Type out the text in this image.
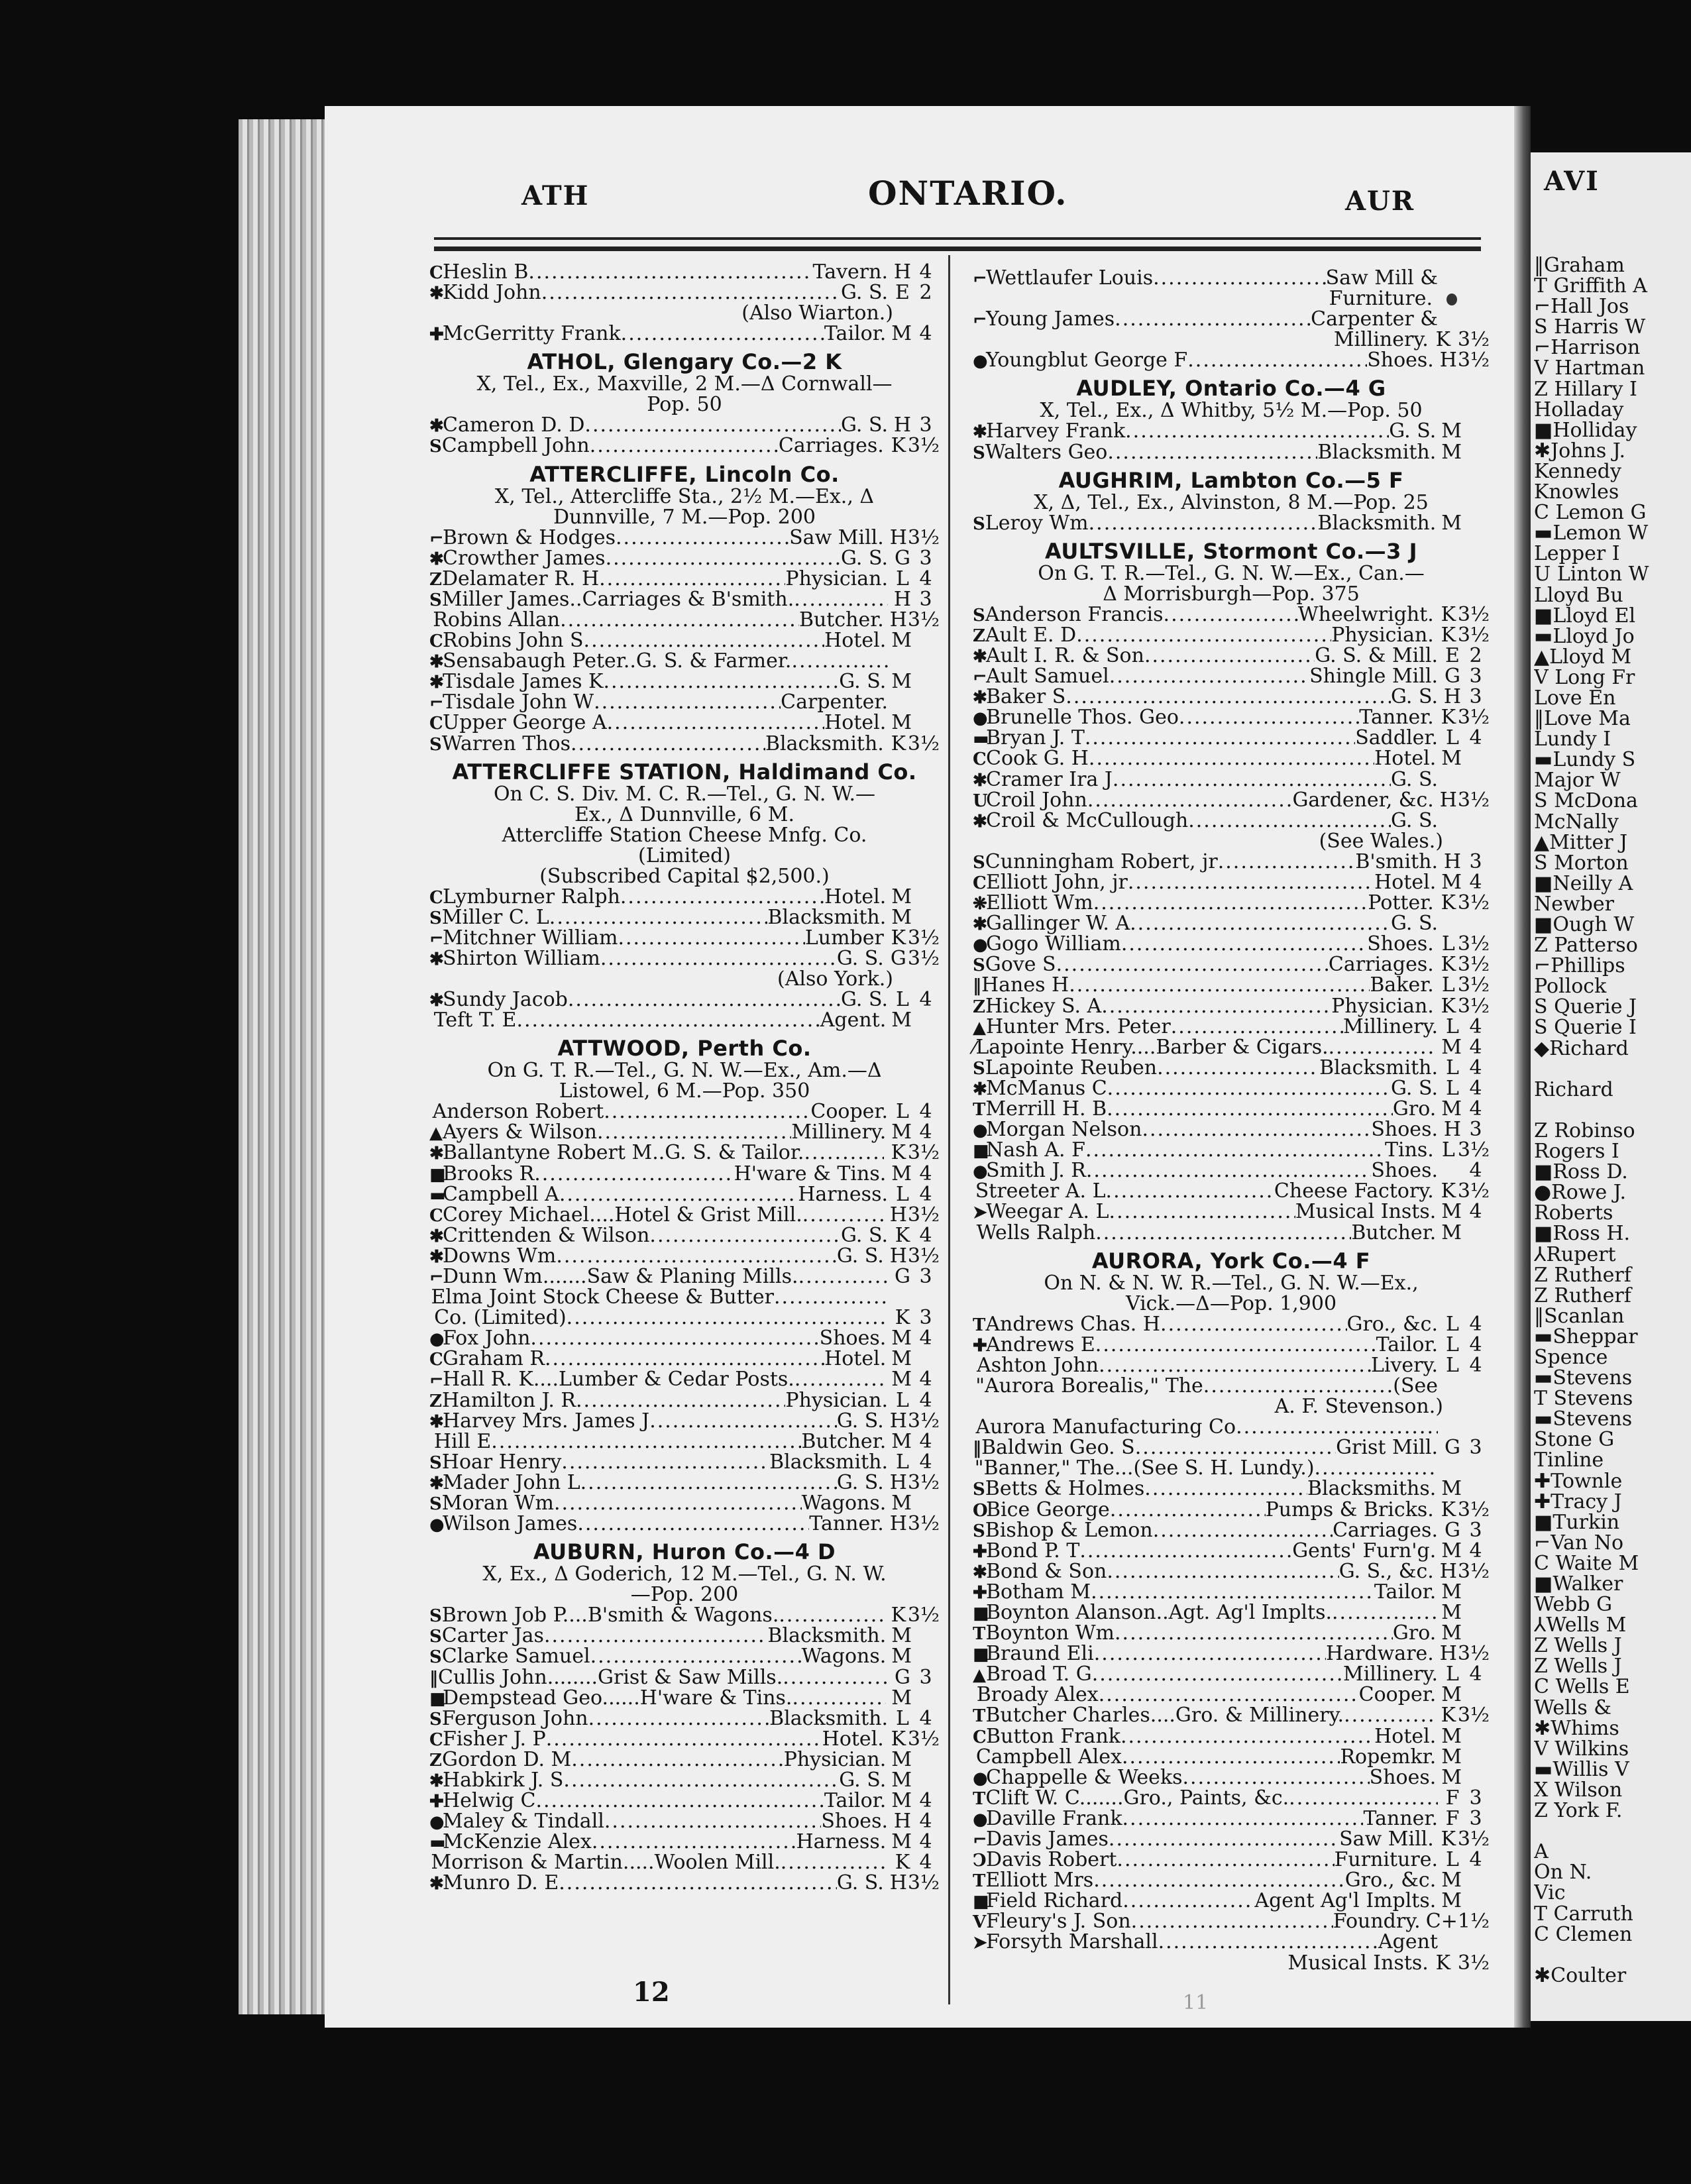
AVI
ATH	ONTARIO.	AUR
C Heslin B .....	Tavern. H 4
✱
Kidd John .....	G. S. E 2
(Also Wiarton.)
✚
McGerritty Frank .....	Tailor. M 4
ATHOL, Glengary Co.—2 K
X, Tel., Ex., Maxville, 2 M.—Δ Cornwall—
Pop. 50
✱
Cameron D. D .....	G. S. H 3
S Campbell John .....	Carriages. K 3½
ATTERCLIFFE, Lincoln Co.
X, Tel., Attercliffe Sta., 2½ M.—Ex., Δ
Dunnville, 7 M.—Pop. 200
⌐
Brown & Hodges .....	Saw Mill. H 3½
✱
Crowther James .....	G. S. G 3
Z Delamater R. H .....	Physician. L 4
S Miller James..Carriages & B'smith. .....	H 3
Robins Allan .....	Butcher. H 3½
C Robins John S .....	Hotel. M
✱
Sensabaugh Peter..G. S. & Farmer.
.....
✱
Tisdale James K .....	G. S. M
⌐
Tisdale John W .....	Carpenter.
C Upper George A .....	Hotel. M
S Warren Thos .....	Blacksmith. K 3½
ATTERCLIFFE STATION, Haldimand Co.
On C. S. Div. M. C. R.—Tel., G. N. W.—
Ex., Δ Dunnville, 6 M.
Attercliffe Station Cheese Mnfg. Co.
(Limited)
(Subscribed Capital $2,500.)
C Lymburner Ralph .....	Hotel. M
S Miller C. L .....	Blacksmith. M
⌐
Mitchner William .....	Lumber K 3½
✱
Shirton William .....	G. S. G 3½
(Also York.)
✱
Sundy Jacob .....	G. S. L 4
Teft T. E .....	Agent. M
ATTWOOD, Perth Co.
On G. T. R.—Tel., G. N. W.—Ex., Am.—Δ
Listowel, 6 M.—Pop. 350
Anderson Robert .....	Cooper. L 4
▲ Ayers & Wilson .....	Millinery. M 4
✱
Ballantyne Robert M..G. S. & Tailor. .....	K 3½
■
Brooks R .....	H'ware & Tins. M 4
▬
Campbell A .....	Harness. L 4
C Corey Michael....Hotel & Grist Mill. .....	H 3½
✱
Crittenden & Wilson .....	G. S. K 4
✱
Downs Wm .....	G. S. H 3½
⌐
Dunn Wm.......Saw & Planing Mills. .....	G 3
Elma Joint Stock Cheese & Butter
.....
Co. (Limited) .....	K 3
●
Fox John .....	Shoes. M 4
C Graham R .....	Hotel. M
⌐
Hall R. K....Lumber & Cedar Posts. .....	M 4
Z Hamilton J. R .....	Physician. L 4
✱
Harvey Mrs. James J .....	G. S. H 3½
Hill E .....	Butcher. M 4
S Hoar Henry .....	Blacksmith. L 4
✱
Mader John L .....	G. S. H 3½
S Moran Wm .....	Wagons. M
●
Wilson James .....	Tanner. H 3½
AUBURN, Huron Co.—4 D
X, Ex., Δ Goderich, 12 M.—Tel., G. N. W.
—Pop. 200
S Brown Job P....B'smith & Wagons. .....	K 3½
S Carter Jas .....	Blacksmith. M
S Clarke Samuel .....	Wagons. M
‖ Cullis John........Grist & Saw Mills. .....	G 3
■
Dempstead Geo......H'ware & Tins. .....	M
S Ferguson John .....	Blacksmith. L 4
C Fisher J. P .....	Hotel. K 3½
Z Gordon D. M .....	Physician. M
✱
Habkirk J. S .....	G. S. M
✚
Helwig C .....	Tailor. M 4
●
Maley & Tindall .....	Shoes. H 4
▬
McKenzie Alex .....	Harness. M 4
Morrison & Martin.....Woolen Mill. .....	K 4
✱
Munro D. E .....	G. S. H 3½
⌐
Wettlaufer Louis .....	Saw Mill &
Furniture.
⌐
Young James .....	Carpenter &
Millinery. K 3½
●
Youngblut George F .....	Shoes. H 3½
AUDLEY, Ontario Co.—4 G
X, Tel., Ex., Δ Whitby, 5½ M.—Pop. 50
✱
Harvey Frank .....	G. S. M
S Walters Geo .....	Blacksmith. M
AUGHRIM, Lambton Co.—5 F
X, Δ, Tel., Ex., Alvinston, 8 M.—Pop. 25
S Leroy Wm .....	Blacksmith. M
AULTSVILLE, Stormont Co.—3 J
On G. T. R.—Tel., G. N. W.—Ex., Can.—
Δ Morrisburgh—Pop. 375
S Anderson Francis .....	Wheelwright. K 3½
Z Ault E. D .....	Physician. K 3½
✱
Ault I. R. & Son .....	G. S. & Mill. E 2
⌐
Ault Samuel .....	Shingle Mill. G 3
✱
Baker S .....	G. S. H 3
●
Brunelle Thos. Geo .....	Tanner. K 3½
▬
Bryan J. T .....	Saddler. L 4
C Cook G. H .....	Hotel. M
✱
Cramer Ira J .....	G. S.
U
Croil John .....	Gardener, &c. H 3½
✱
Croil & McCullough .....	G. S.
(See Wales.)
S Cunningham Robert, jr .....	B'smith. H 3
C Elliott John, jr .....	Hotel. M 4
❋
Elliott Wm .....	Potter. K 3½
✱
Gallinger W. A .....	G. S.
●
Gogo William .....	Shoes. L 3½
S Gove S .....	Carriages. K 3½
‖ Hanes H .....	Baker. L 3½
Z Hickey S. A .....	Physician. K 3½
▲ Hunter Mrs. Peter .....	Millinery. L 4
⁄ Lapointe Henry....Barber & Cigars. .....	M 4
S Lapointe Reuben .....	Blacksmith. L 4
✱
McManus C .....	G. S. L 4
T Merrill H. B .....	Gro. M 4
●
Morgan Nelson .....	Shoes. H 3
■
Nash A. F .....	Tins. L 3½
●
Smith J. R .....	Shoes.	4
Streeter A. L .....	Cheese Factory. K 3½
➤
Weegar A. L .....	Musical Insts. M 4
Wells Ralph .....	Butcher. M
AURORA, York Co.—4 F
On N. & N. W. R.—Tel., G. N. W.—Ex.,
Vick.—Δ—Pop. 1,900
T Andrews Chas. H .....	Gro., &c. L 4
✚
Andrews E .....	Tailor. L 4
Ashton John .....	Livery. L 4
"Aurora Borealis," The .....	(See
A. F. Stevenson.)
Aurora Manufacturing Co
.....
‖ Baldwin Geo. S .....	Grist Mill. G 3
"Banner," The...(See S. H. Lundy.)
.....
S Betts & Holmes .....	Blacksmiths. M
O
Bice George .....	Pumps & Bricks. K 3½
S Bishop & Lemon .....	Carriages. G 3
✚
Bond P. T .....	Gents' Furn'g. M 4
✱
Bond & Son .....	G. S., &c. H 3½
✚
Botham M .....	Tailor. M
■
Boynton Alanson..Agt. Ag'l Implts. .....	M
T Boynton Wm .....	Gro. M
■
Braund Eli .....	Hardware. H 3½
▲ Broad T. G .....	Millinery. L 4
Broady Alex .....	Cooper. M
T Butcher Charles....Gro. & Millinery. .....	K 3½
C Button Frank .....	Hotel. M
Campbell Alex .....	Ropemkr. M
●
Chappelle & Weeks .....	Shoes. M
T Clift W. C.......Gro., Paints, &c. .....	F 3
●
Daville Frank .....	Tanner. F 3
⌐
Davis James .....	Saw Mill. K 3½
Ↄ Davis Robert .....	Furniture. L 4
T Elliott Mrs .....	Gro., &c. M
■
Field Richard .....	Agent Ag'l Implts. M
V Fleury's J. Son .....	Foundry. C+ 1½
➤
Forsyth Marshall .....	Agent
Musical Insts. K 3½
‖Graham
T Griffith A
⌐Hall Jos
S Harris W
⌐Harrison
V Hartman
Z Hillary I
Holladay
■Holliday
✱Johns J.
Kennedy
Knowles
C Lemon G
▬Lemon W
Lepper I
U Linton W
Lloyd Bu
■Lloyd El
▬Lloyd Jo
▲Lloyd M
V Long Fr
Love En
‖Love Ma
Lundy I
▬Lundy S
Major W
S McDona
McNally
▲Mitter J
S Morton
■Neilly A
Newber
■Ough W
Z Patterso
⌐Phillips
Pollock
S Querie J
S Querie I
◆Richard
Richard
Z Robinso
Rogers I
■Ross D.
●Rowe J.
Roberts
■Ross H.
⅄Rupert
Z Rutherf
Z Rutherf
‖Scanlan
▬Sheppar
Spence
▬Stevens
T Stevens
▬Stevens
Stone G
Tinline
✚Townle
✚Tracy J
■Turkin
⌐Van No
C Waite M
■Walker
Webb G
⅄Wells M
Z Wells J
Z Wells J
C Wells E
Wells &
✱Whims
V Wilkins
▬Willis V
X Wilson
Z York F.
A
On N.
Vic
T Carruth
C Clemen
✱Coulter
12	11
